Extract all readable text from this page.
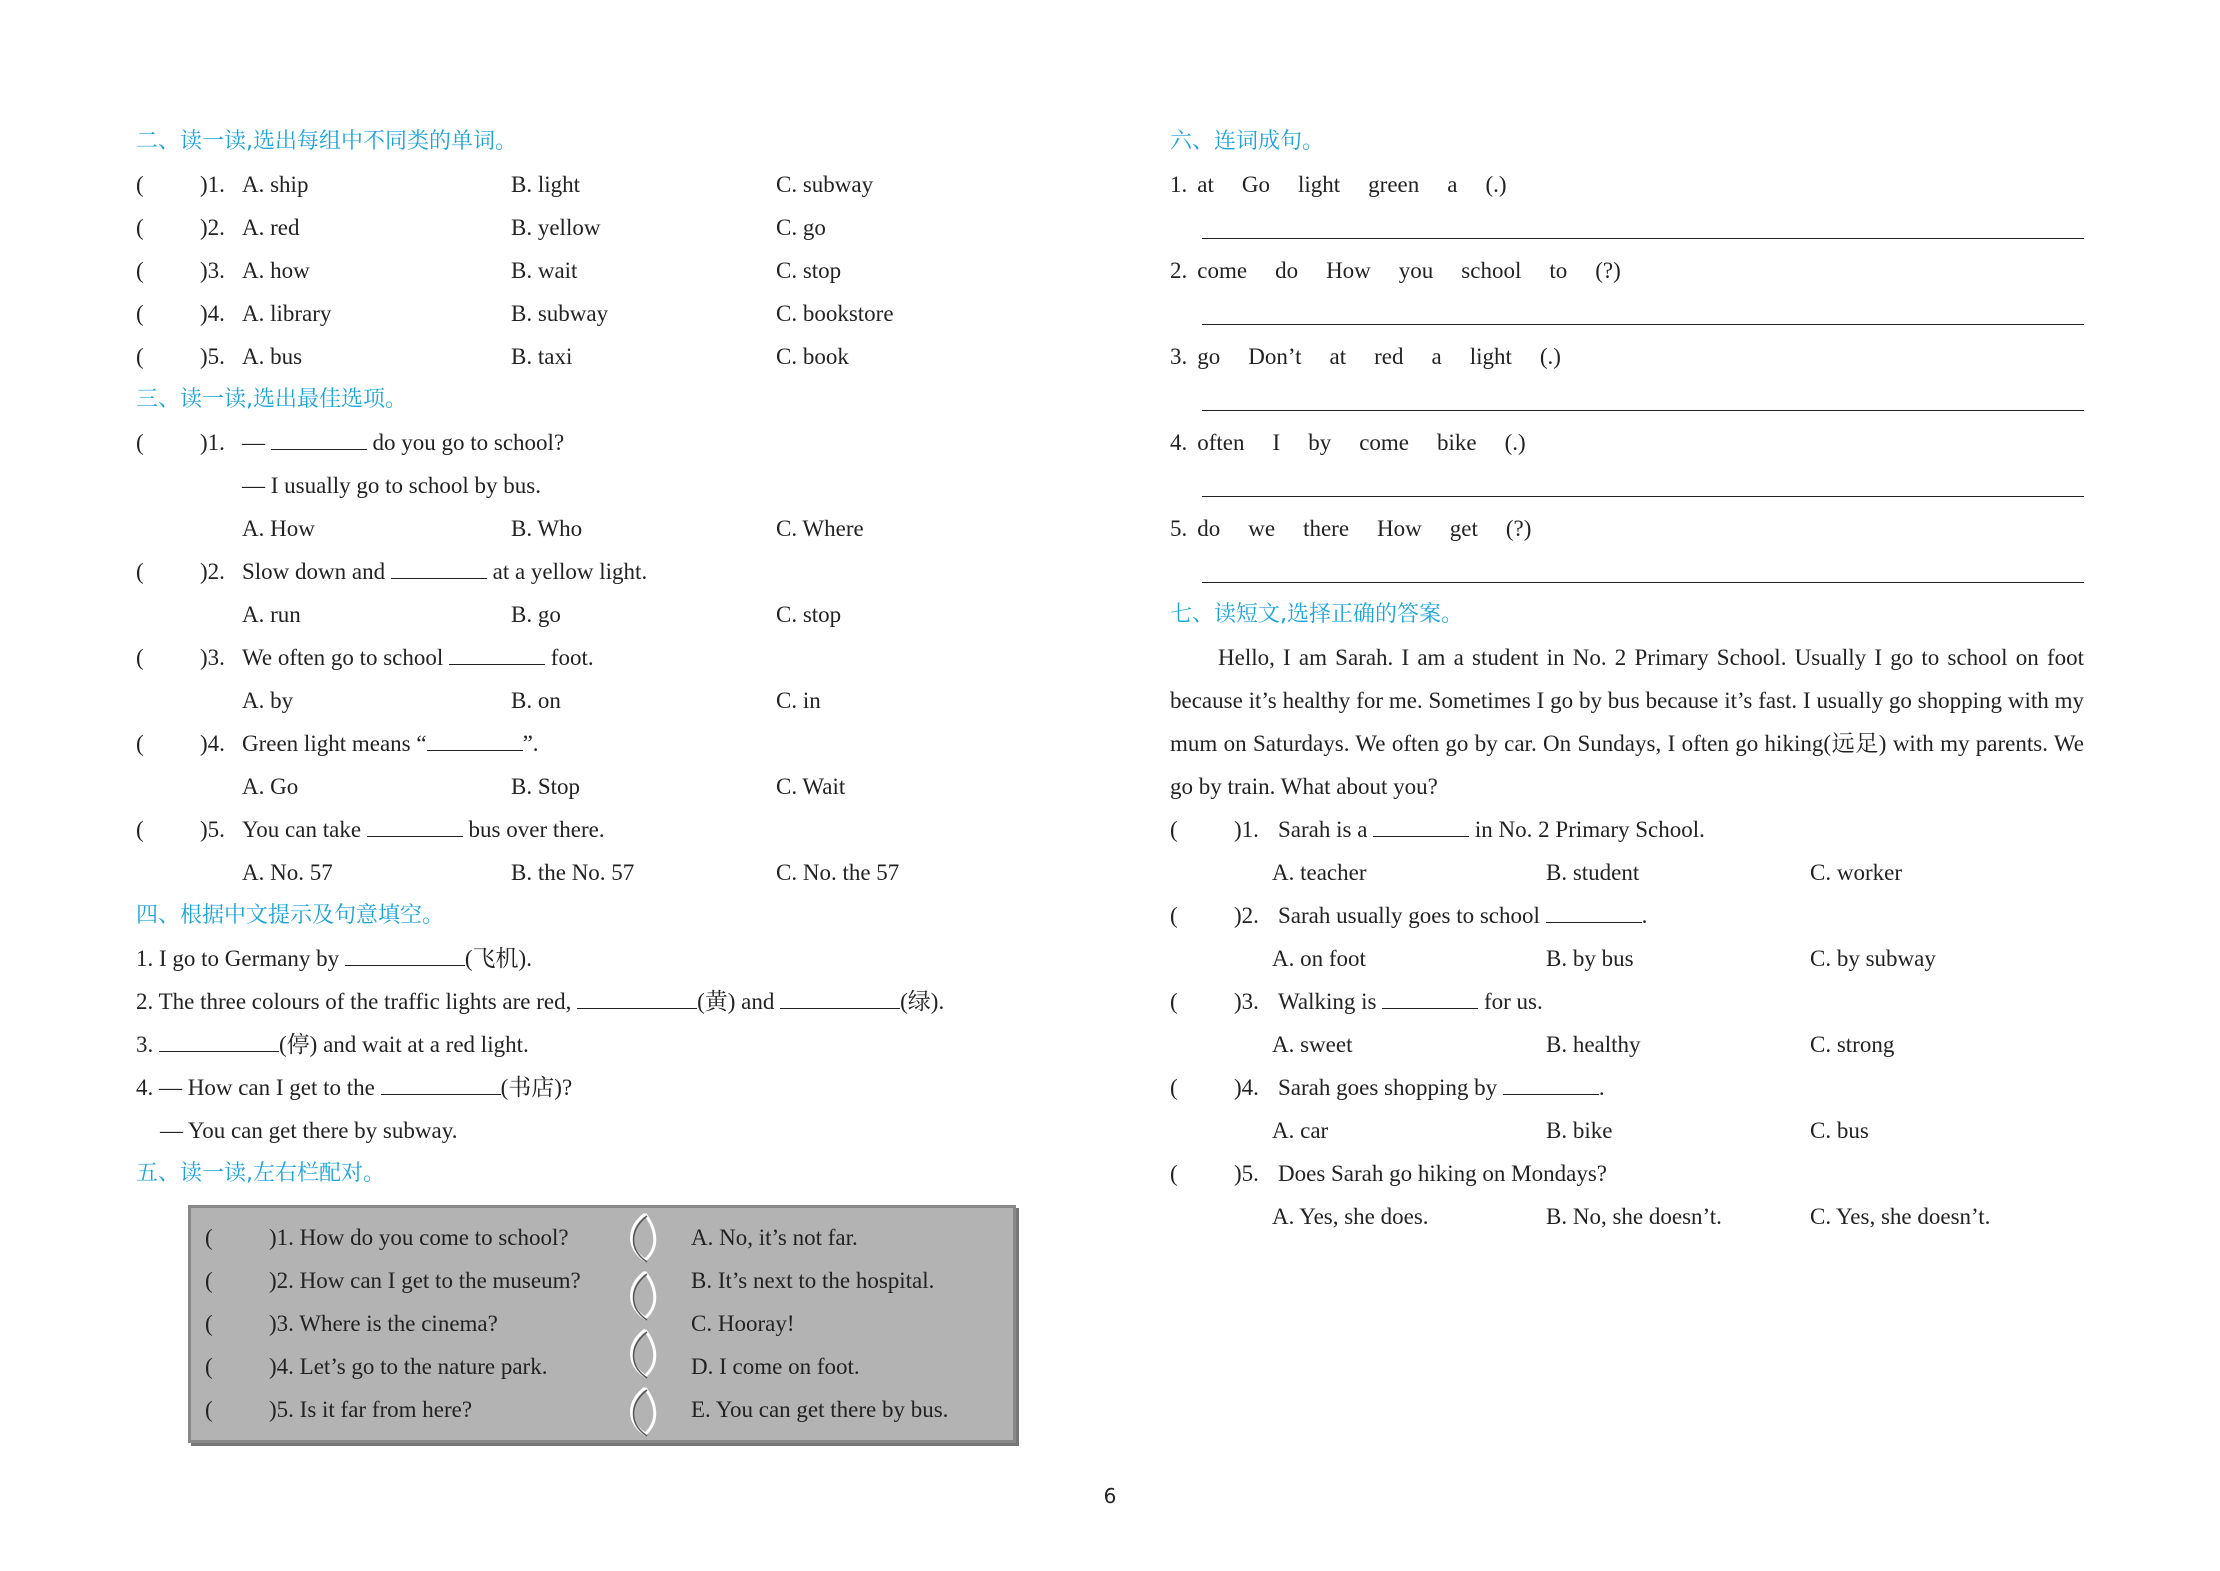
二、读一读,选出每组中不同类的单词。
( )1. A. ship	B. light	C. subway
( )2. A. red	B. yellow	C. go
( )3. A. how	B. wait	C. stop
( )4. A. library	B. subway	C. bookstore
( )5. A. bus	B. taxi	C. book
三、读一读,选出最佳选项。
( )1. —	do you go to school?
— I usually go to school by bus.
A. How	B. Who	C. Where
( )2. Slow down and	at a yellow light.
A. run	B. go	C. stop
( )3. We often go to school	foot.
A. by	B. on	C. in
( )4. Green light means “	”.
A. Go	B. Stop	C. Wait
( )5. You can take	bus over there.
A. No. 57	B. the No. 57	C. No. the 57
四、根据中文提示及句意填空。
1. I go to Germany by	(飞机).
2. The three colours of the traffic lights are red,	(黄) and	(绿).
3.	(停) and wait at a red light.
4. — How can I get to the	(书店)?
— You can get there by subway.
五、读一读,左右栏配对。
( )1. How do you come to school?	A. No, it’s not far.
( )2. How can I get to the museum?	B. It’s next to the hospital.
( )3. Where is the cinema?	C. Hooray!
( )4. Let’s go to the nature park.	D. I come on foot.
( )5. Is it far from here?	E. You can get there by bus.
六、连词成句。
1. at Go light green a (.)
2. come do How you school to (?)
3. go Don’t at red a light (.)
4. often I by come bike (.)
5. do we there How get (?)
七、读短文,选择正确的答案。
Hello, I am Sarah. I am a student in No. 2 Primary School. Usually I go to school on foot because it’s healthy for me. Sometimes I go by bus because it’s fast. I usually go shopping with my mum on Saturdays. We often go by car. On Sundays, I often go hiking(远足) with my parents. We go by train. What about you?
( )1. Sarah is a	in No. 2 Primary School.
A. teacher	B. student	C. worker
( )2. Sarah usually goes to school	.
A. on foot	B. by bus	C. by subway
( )3. Walking is	for us.
A. sweet	B. healthy	C. strong
( )4. Sarah goes shopping by	.
A. car	B. bike	C. bus
( )5. Does Sarah go hiking on Mondays?
A. Yes, she does.	B. No, she doesn’t.	C. Yes, she doesn’t.
6
